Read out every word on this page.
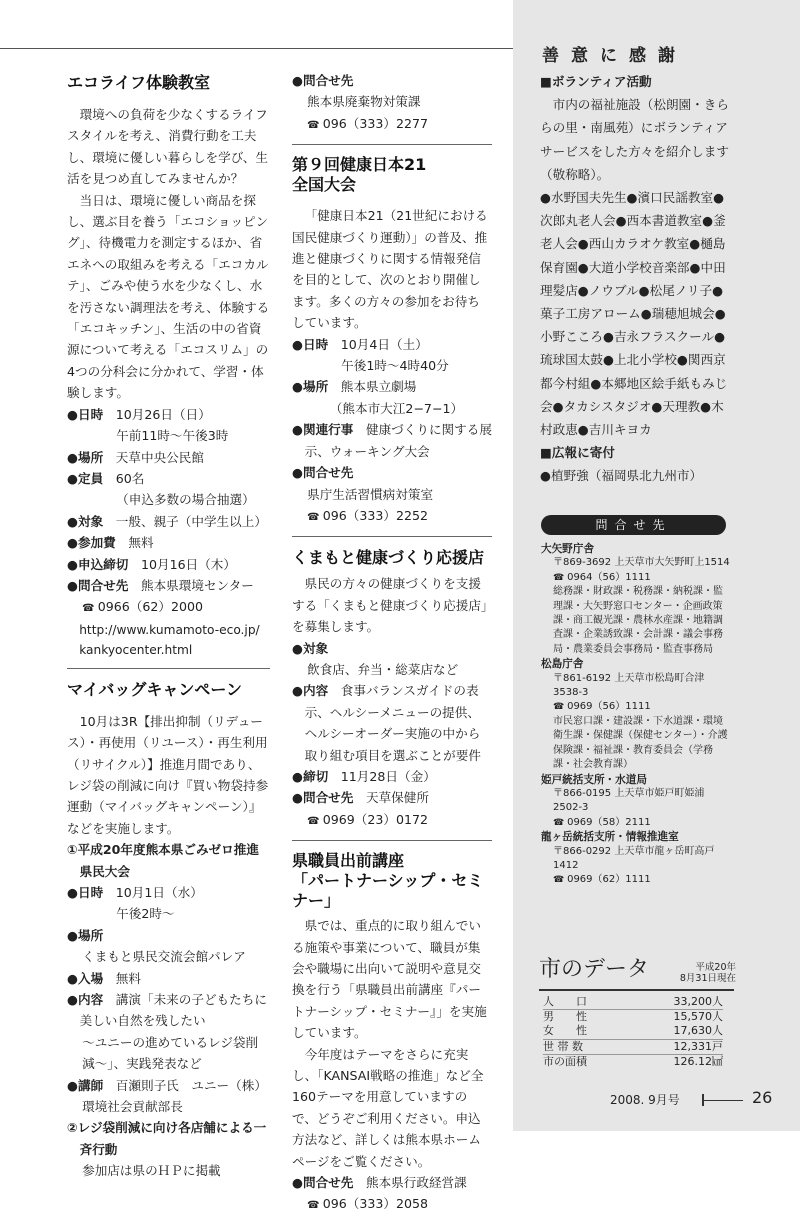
エコライフ体験教室

環境への負荷を少なくするライフスタイルを考え、消費行動を工夫し、環境に優しい暮らしを学び、生活を見つめ直してみませんか？

当日は、環境に優しい商品を探し、選ぶ目を養う「エコショッピング」、待機電力を測定するほか、省エネへの取組みを考える「エコカルテ」、ごみや使う水を少なくし、水を汚さない調理法を考え、体験する「エコキッチン」、生活の中の省資源について考える「エコスリム」の4つの分科会に分かれて、学習・体験します。

●日時　 10月26日（日）

午前11時～午後3時

●場所　 天草中央公民館

●定員　 60名

（申込多数の場合抽選）

●対象　 一般、親子（中学生以上）

●参加費　 無料

●申込締切　 10月16日（木）

●問合せ先　 熊本県環境センター

☎ 0966（62）2000

http://www.kumamoto-eco.jp/

kankyocenter.html

マイバッグキャンペーン

10月は3R【排出抑制（リデュース）・再使用（リユース）・再生利用（リサイクル）】推進月間であり、レジ袋の削減に向け『買い物袋持参運動（マイバッグキャンペーン）』などを実施します。

①平成20年度熊本県ごみゼロ推進県民大会

●日時　 10月1日（水）

午後2時～

●場所

くまもと県民交流会館パレア

●入場　 無料

●内容　 講演「未来の子どもたちに美しい自然を残したい

～ユニーの進めているレジ袋削減～」、実践発表など

●講師　 百瀬則子氏　ユニー（株）

環境社会貢献部長

②レジ袋削減に向け各店舗による一斉行動

参加店は県のＨＰに掲載

●問合せ先

熊本県廃棄物対策課

☎ 096（333）2277

第９回健康日本21
全国大会

「健康日本21（21世紀における国民健康づくり運動）」の普及、推進と健康づくりに関する情報発信を目的として、次のとおり開催します。多くの方々の参加をお待ちしています。

●日時　 10月4日（土）

午後1時～4時40分

●場所　 熊本県立劇場

（熊本市大江2−7−1）

●関連行事　 健康づくりに関する展示、ウォーキング大会

●問合せ先

県庁生活習慣病対策室

☎ 096（333）2252

くまもと健康づくり応援店

県民の方々の健康づくりを支援する「くまもと健康づくり応援店」を募集します。

●対象

飲食店、弁当・総菜店など

●内容　 食事バランスガイドの表示、ヘルシーメニューの提供、ヘルシーオーダー実施の中から取り組む項目を選ぶことが要件

●締切　 11月28日（金）

●問合せ先　 天草保健所

☎ 0969（23）0172

県職員出前講座
「パートナーシップ・セミナー」

県では、重点的に取り組んでいる施策や事業について、職員が集会や職場に出向いて説明や意見交換を行う「県職員出前講座『パートナーシップ・セミナー』」を実施しています。

今年度はテーマをさらに充実し、「KANSAI戦略の推進」など全160テーマを用意していますので、どうぞご利用ください。申込方法など、詳しくは熊本県ホームページをご覧ください。

●問合せ先　 熊本県行政経営課

☎ 096（333）2058

善意に感謝

■ ボランティア活動

市内の福祉施設（松朗園・きららの里・南風苑）にボランティアサービスをした方々を紹介します（敬称略）。

●水野国夫先生●濱口民謡教室●次郎丸老人会●西本書道教室●釜老人会●西山カラオケ教室●樋島保育園●大道小学校音楽部●中田理髪店●ノウブル●松尾ノリ子●菓子工房アローム●瑞穂旭城会●小野こころ●吉永フラスクール●琉球国太鼓●上北小学校●関西京都今村組●本郷地区絵手紙もみじ会●タカシスタジオ●天理教●木村政恵●吉川キヨカ

■ 広報に寄付

●植野強（福岡県北九州市）

問合せ先
大矢野庁舎
〒869-3692 上天草市大矢野町上1514
☎ 0964（56）1111
総務課・財政課・税務課・納税課・監理課・大矢野窓口センター・企画政策課・商工観光課・農林水産課・地籍調査課・企業誘致課・会計課・議会事務局・農業委員会事務局・監査事務局
松島庁舎
〒861-6192 上天草市松島町合津3538-3
☎ 0969（56）1111
市民窓口課・建設課・下水道課・環境衛生課・保健課（保健センター）・介護保険課・福祉課・教育委員会（学務課・社会教育課）
姫戸統括支所・水道局
〒866-0195 上天草市姫戸町姫浦2502-3
☎ 0969（58）2111
龍ヶ岳統括支所・情報推進室
〒866-0292 上天草市龍ヶ岳町高戸1412
☎ 0969（62）1111
市のデータ	平成20年
8月31日現在
人　　口	33,200人
男　　性	15,570人
女　　性	17,630人
世 帯 数	12,331戸
市の面積	126.12㎢
2008. 9月号	26
